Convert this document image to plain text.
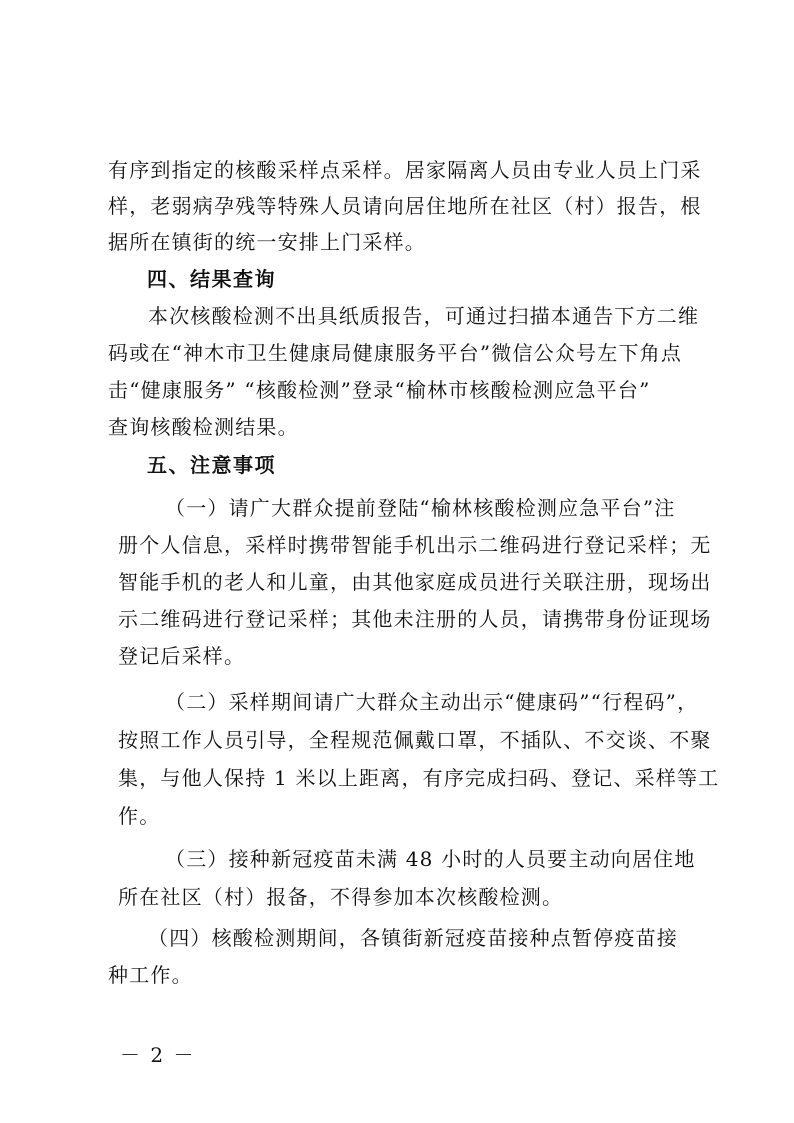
有序到指定的核酸采样点采样。居家隔离人员由专业人员上门采
样，老弱病孕残等特殊人员请向居住地所在社区（村）报告，根
据所在镇街的统一安排上门采样。
四、结果查询
本次核酸检测不出具纸质报告，可通过扫描本通告下方二维
码或在“神木市卫生健康局健康服务平台”微信公众号左下角点
击“健康服务” “核酸检测”登录“榆林市核酸检测应急平台”
查询核酸检测结果。
五、注意事项
（一）请广大群众提前登陆“榆林核酸检测应急平台”注
册个人信息，采样时携带智能手机出示二维码进行登记采样；无
智能手机的老人和儿童，由其他家庭成员进行关联注册，现场出
示二维码进行登记采样；其他未注册的人员，请携带身份证现场
登记后采样。
（二）采样期间请广大群众主动出示“健康码”“行程码”，
按照工作人员引导，全程规范佩戴口罩，不插队、不交谈、不聚
集，与他人保持 1 米以上距离，有序完成扫码、登记、采样等工
作。
（三）接种新冠疫苗未满 48 小时的人员要主动向居住地
所在社区（村）报备，不得参加本次核酸检测。
（四）核酸检测期间，各镇街新冠疫苗接种点暂停疫苗接
种工作。
－ 2 －
